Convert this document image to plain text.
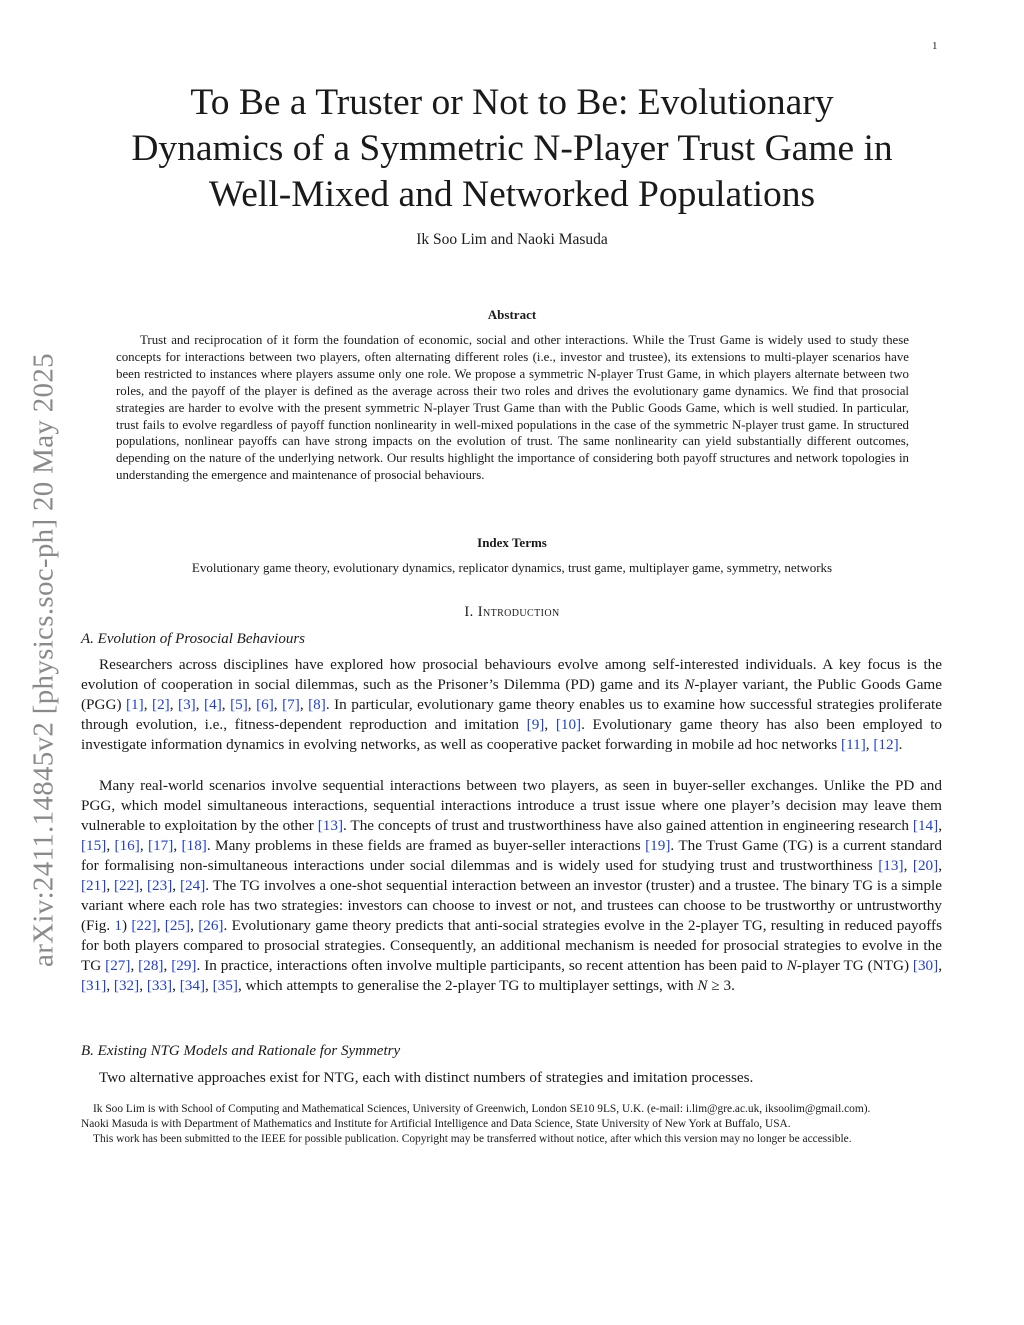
1
arXiv:2411.14845v2 [physics.soc-ph] 20 May 2025
To Be a Truster or Not to Be: Evolutionary
Dynamics of a Symmetric N-Player Trust Game in
Well-Mixed and Networked Populations
Ik Soo Lim and Naoki Masuda
Abstract

Trust and reciprocation of it form the foundation of economic, social and other interactions. While the Trust Game is widely used to study these concepts for interactions between two players, often alternating different roles (i.e., investor and trustee), its extensions to multi-player scenarios have been restricted to instances where players assume only one role. We propose a symmetric N-player Trust Game, in which players alternate between two roles, and the payoff of the player is defined as the average across their two roles and drives the evolutionary game dynamics. We find that prosocial strategies are harder to evolve with the present symmetric N-player Trust Game than with the Public Goods Game, which is well studied. In particular, trust fails to evolve regardless of payoff function nonlinearity in well-mixed populations in the case of the symmetric N-player trust game. In structured populations, nonlinear payoffs can have strong impacts on the evolution of trust. The same nonlinearity can yield substantially different outcomes, depending on the nature of the underlying network. Our results highlight the importance of considering both payoff structures and network topologies in understanding the emergence and maintenance of prosocial behaviours.

Index Terms
Evolutionary game theory, evolutionary dynamics, replicator dynamics, trust game, multiplayer game, symmetry, networks
I. Introduction
A. Evolution of Prosocial Behaviours

Researchers across disciplines have explored how prosocial behaviours evolve among self-interested individuals. A key focus is the evolution of cooperation in social dilemmas, such as the Prisoner’s Dilemma (PD) game and its N-player variant, the Public Goods Game (PGG) [1], [2], [3], [4], [5], [6], [7], [8]. In particular, evolutionary game theory enables us to examine how successful strategies proliferate through evolution, i.e., fitness-dependent reproduction and imitation [9], [10]. Evolutionary game theory has also been employed to investigate information dynamics in evolving networks, as well as cooperative packet forwarding in mobile ad hoc networks [11], [12].

Many real-world scenarios involve sequential interactions between two players, as seen in buyer-seller exchanges. Unlike the PD and PGG, which model simultaneous interactions, sequential interactions introduce a trust issue where one player’s decision may leave them vulnerable to exploitation by the other [13]. The concepts of trust and trustworthiness have also gained attention in engineering research [14], [15], [16], [17], [18]. Many problems in these fields are framed as buyer-seller interactions [19]. The Trust Game (TG) is a current standard for formalising non-simultaneous interactions under social dilemmas and is widely used for studying trust and trustworthiness [13], [20], [21], [22], [23], [24]. The TG involves a one-shot sequential interaction between an investor (truster) and a trustee. The binary TG is a simple variant where each role has two strategies: investors can choose to invest or not, and trustees can choose to be trustworthy or untrustworthy (Fig. 1) [22], [25], [26]. Evolutionary game theory predicts that anti-social strategies evolve in the 2-player TG, resulting in reduced payoffs for both players compared to prosocial strategies. Consequently, an additional mechanism is needed for prosocial strategies to evolve in the TG [27], [28], [29]. In practice, interactions often involve multiple participants, so recent attention has been paid to N-player TG (NTG) [30], [31], [32], [33], [34], [35], which attempts to generalise the 2-player TG to multiplayer settings, with N ≥ 3.

B. Existing NTG Models and Rationale for Symmetry

Two alternative approaches exist for NTG, each with distinct numbers of strategies and imitation processes.

Ik Soo Lim is with School of Computing and Mathematical Sciences, University of Greenwich, London SE10 9LS, U.K. (e-mail: i.lim@gre.ac.uk, iksoolim@gmail.com).

Naoki Masuda is with Department of Mathematics and Institute for Artificial Intelligence and Data Science, State University of New York at Buffalo, USA.

This work has been submitted to the IEEE for possible publication. Copyright may be transferred without notice, after which this version may no longer be accessible.
